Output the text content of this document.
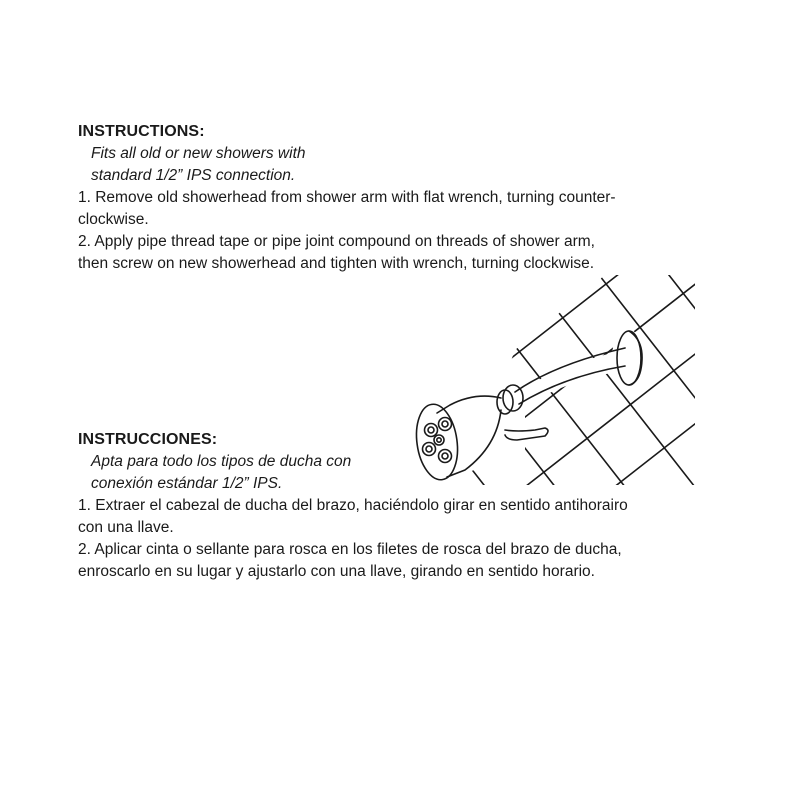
INSTRUCTIONS:

Fits all old or new showers with

standard 1/2” IPS connection.

1. Remove old showerhead from shower arm with flat wrench, turning counter-

clockwise.

2. Apply pipe thread tape or pipe joint compound on threads of shower arm,

then screw on new showerhead and tighten with wrench, turning clockwise.

INSTRUCCIONES:

Apta para todo los tipos de ducha con

conexión estándar 1/2” IPS.

1. Extraer el cabezal de ducha del brazo, haciéndolo girar en sentido antihorairo

con una llave.

2. Aplicar cinta o sellante para rosca en los filetes de rosca del brazo de ducha,

enroscarlo en su lugar y ajustarlo con una llave, girando en sentido horario.
